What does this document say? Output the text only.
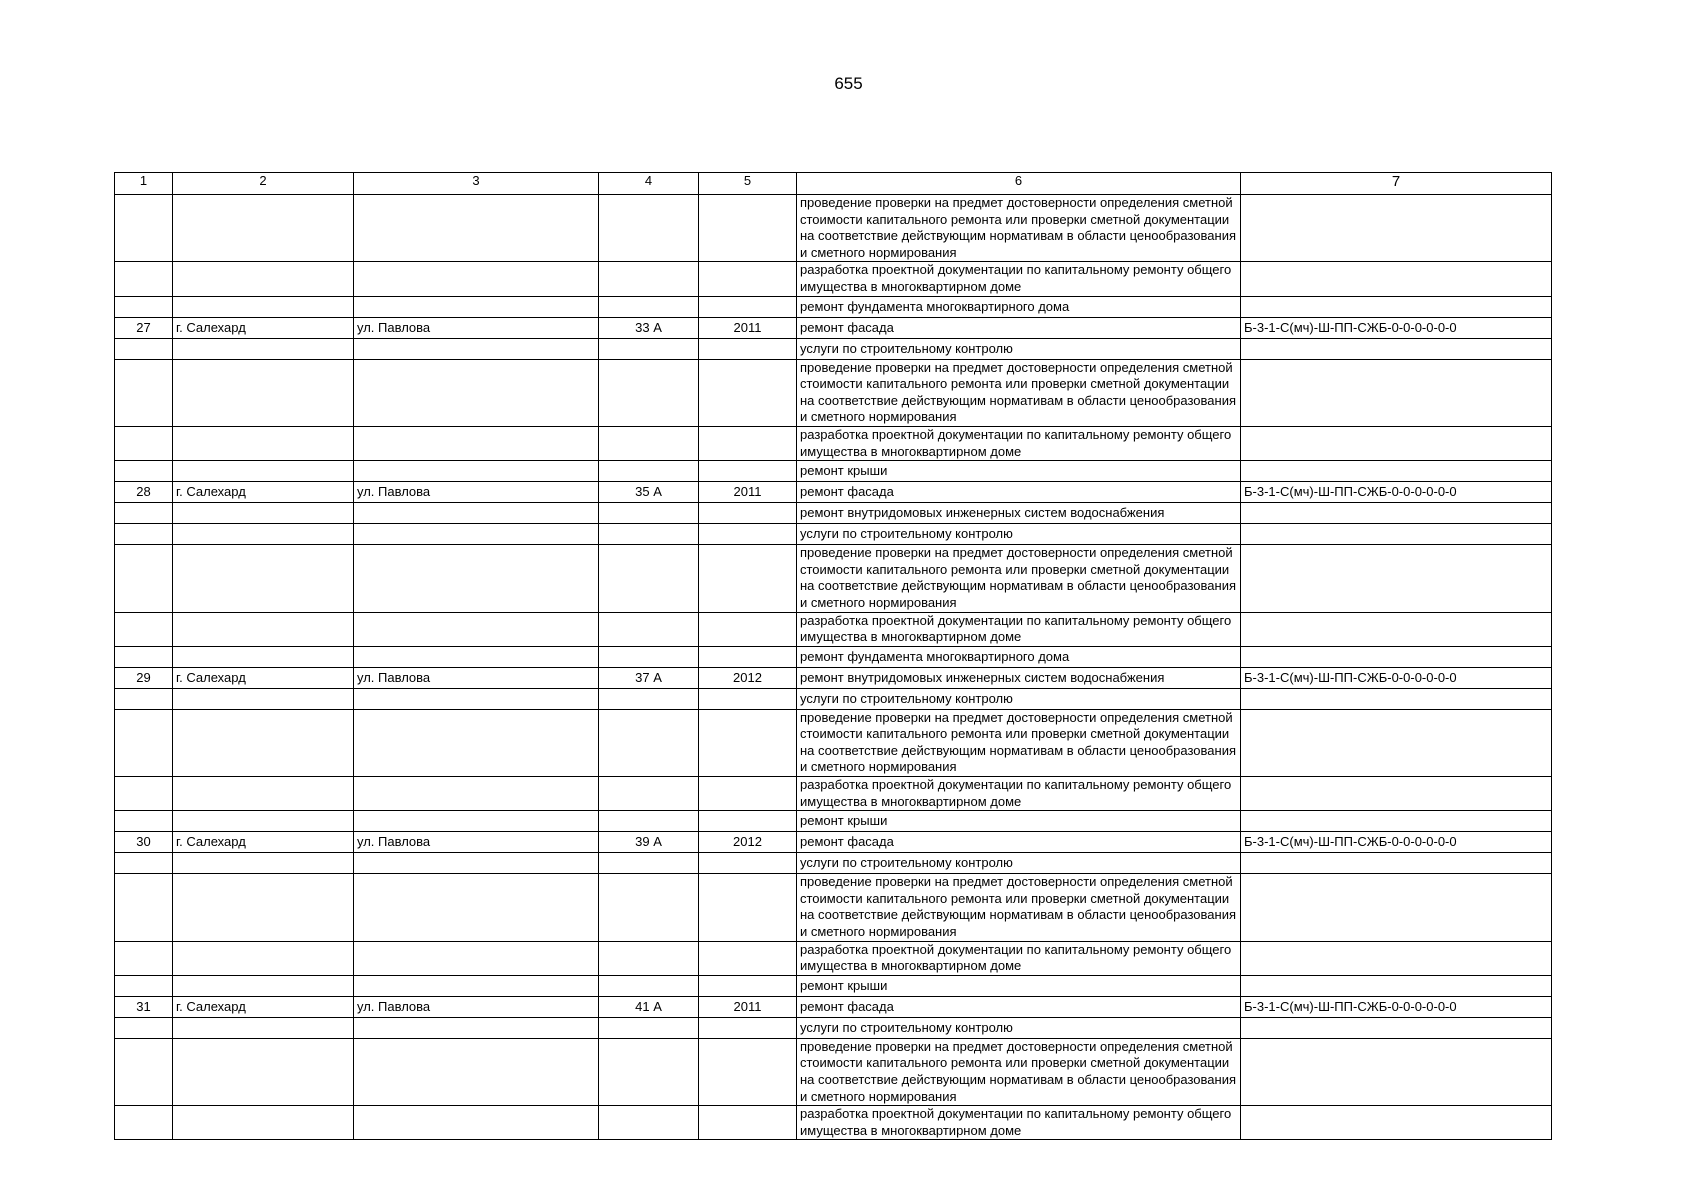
655
1	2	3	4	5	6	7
					проведение проверки на предмет достоверности определения сметной стоимости капитального ремонта или проверки сметной документации на соответствие действующим нормативам в области ценообразования и сметного нормирования	
					разработка проектной документации по капитальному ремонту общего имущества в многоквартирном доме	
					ремонт фундамента многоквартирного дома	
27	г. Салехард	ул. Павлова	33 А	2011	ремонт фасада	Б-3-1-С(мч)-Ш-ПП-СЖБ-0-0-0-0-0-0
					услуги по строительному контролю	
					проведение проверки на предмет достоверности определения сметной стоимости капитального ремонта или проверки сметной документации на соответствие действующим нормативам в области ценообразования и сметного нормирования	
					разработка проектной документации по капитальному ремонту общего имущества в многоквартирном доме	
					ремонт крыши	
28	г. Салехард	ул. Павлова	35 А	2011	ремонт фасада	Б-3-1-С(мч)-Ш-ПП-СЖБ-0-0-0-0-0-0
					ремонт внутридомовых инженерных систем водоснабжения	
					услуги по строительному контролю	
					проведение проверки на предмет достоверности определения сметной стоимости капитального ремонта или проверки сметной документации на соответствие действующим нормативам в области ценообразования и сметного нормирования	
					разработка проектной документации по капитальному ремонту общего имущества в многоквартирном доме	
					ремонт фундамента многоквартирного дома	
29	г. Салехард	ул. Павлова	37 А	2012	ремонт внутридомовых инженерных систем водоснабжения	Б-3-1-С(мч)-Ш-ПП-СЖБ-0-0-0-0-0-0
					услуги по строительному контролю	
					проведение проверки на предмет достоверности определения сметной стоимости капитального ремонта или проверки сметной документации на соответствие действующим нормативам в области ценообразования и сметного нормирования	
					разработка проектной документации по капитальному ремонту общего имущества в многоквартирном доме	
					ремонт крыши	
30	г. Салехард	ул. Павлова	39 А	2012	ремонт фасада	Б-3-1-С(мч)-Ш-ПП-СЖБ-0-0-0-0-0-0
					услуги по строительному контролю	
					проведение проверки на предмет достоверности определения сметной стоимости капитального ремонта или проверки сметной документации на соответствие действующим нормативам в области ценообразования и сметного нормирования	
					разработка проектной документации по капитальному ремонту общего имущества в многоквартирном доме	
					ремонт крыши	
31	г. Салехард	ул. Павлова	41 А	2011	ремонт фасада	Б-3-1-С(мч)-Ш-ПП-СЖБ-0-0-0-0-0-0
					услуги по строительному контролю	
					проведение проверки на предмет достоверности определения сметной стоимости капитального ремонта или проверки сметной документации на соответствие действующим нормативам в области ценообразования и сметного нормирования	
					разработка проектной документации по капитальному ремонту общего имущества в многоквартирном доме	
